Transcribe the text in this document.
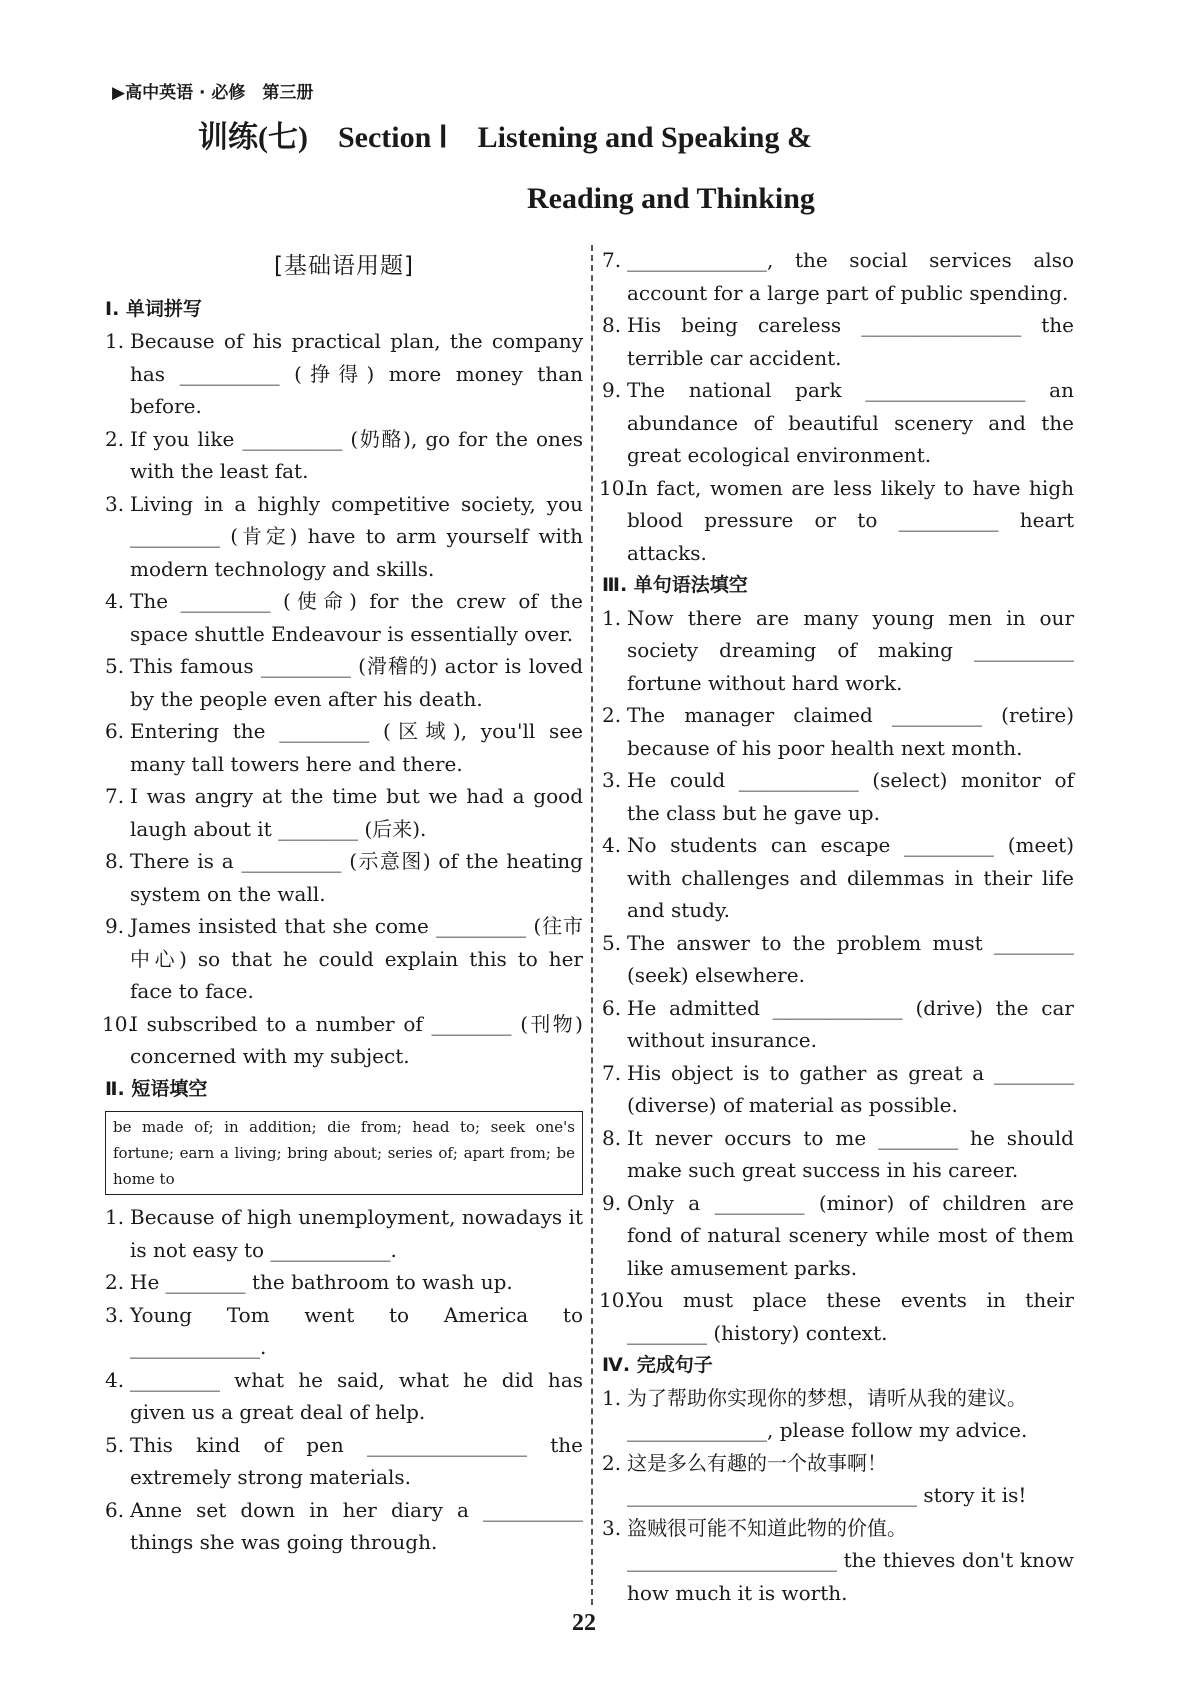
▶高中英语 · 必修　第三册
训练(七)　Section Ⅰ　Listening and Speaking &
Reading and Thinking
[基础语用题]
Ⅰ. 单词拼写
1. Because of his practical plan, the company has __________ (挣得) more money than before.
2. If you like __________ (奶酪), go for the ones with the least fat.
3. Living in a highly competitive society, you _________ (肯定) have to arm yourself with modern technology and skills.
4. The _________ (使命) for the crew of the space shuttle Endeavour is essentially over.
5. This famous _________ (滑稽的) actor is loved by the people even after his death.
6. Entering the _________ (区域), you'll see many tall towers here and there.
7. I was angry at the time but we had a good laugh about it ________ (后来).
8. There is a __________ (示意图) of the heating system on the wall.
9. James insisted that she come _________ (往市中心) so that he could explain this to her face to face.
10.
I subscribed to a number of ________ (刊物) concerned with my subject.
Ⅱ. 短语填空
be made of; in addition; die from; head to; seek one's fortune; earn a living; bring about; series of; apart from; be home to
1. Because of high unemployment, nowadays it is not easy to ____________.
2. He ________ the bathroom to wash up.
3. Young Tom went to America to _____________.
4. _________ what he said, what he did has given us a great deal of help.
5. This kind of pen ________________ the extremely strong materials.
6. Anne set down in her diary a __________ things she was going through.
7. ______________, the social services also account for a large part of public spending.
8. His being careless ________________ the terrible car accident.
9. The national park ________________ an abundance of beautiful scenery and the great ecological environment.
10.
In fact, women are less likely to have high blood pressure or to __________ heart attacks.
Ⅲ. 单句语法填空
1. Now there are many young men in our society dreaming of making __________ fortune without hard work.
2. The manager claimed _________ (retire) because of his poor health next month.
3. He could ____________ (select) monitor of the class but he gave up.
4. No students can escape _________ (meet) with challenges and dilemmas in their life and study.
5. The answer to the problem must ________ (seek) elsewhere.
6. He admitted _____________ (drive) the car without insurance.
7. His object is to gather as great a ________ (diverse) of material as possible.
8. It never occurs to me ________ he should make such great success in his career.
9. Only a _________ (minor) of children are fond of natural scenery while most of them like amusement parks.
10.
You must place these events in their ________ (history) context.
Ⅳ. 完成句子
1. 为了帮助你实现你的梦想，请听从我的建议。
______________, please follow my advice.
2. 这是多么有趣的一个故事啊！
_____________________________ story it is!
3. 盗贼很可能不知道此物的价值。
_____________________ the thieves don't know how much it is worth.
22
